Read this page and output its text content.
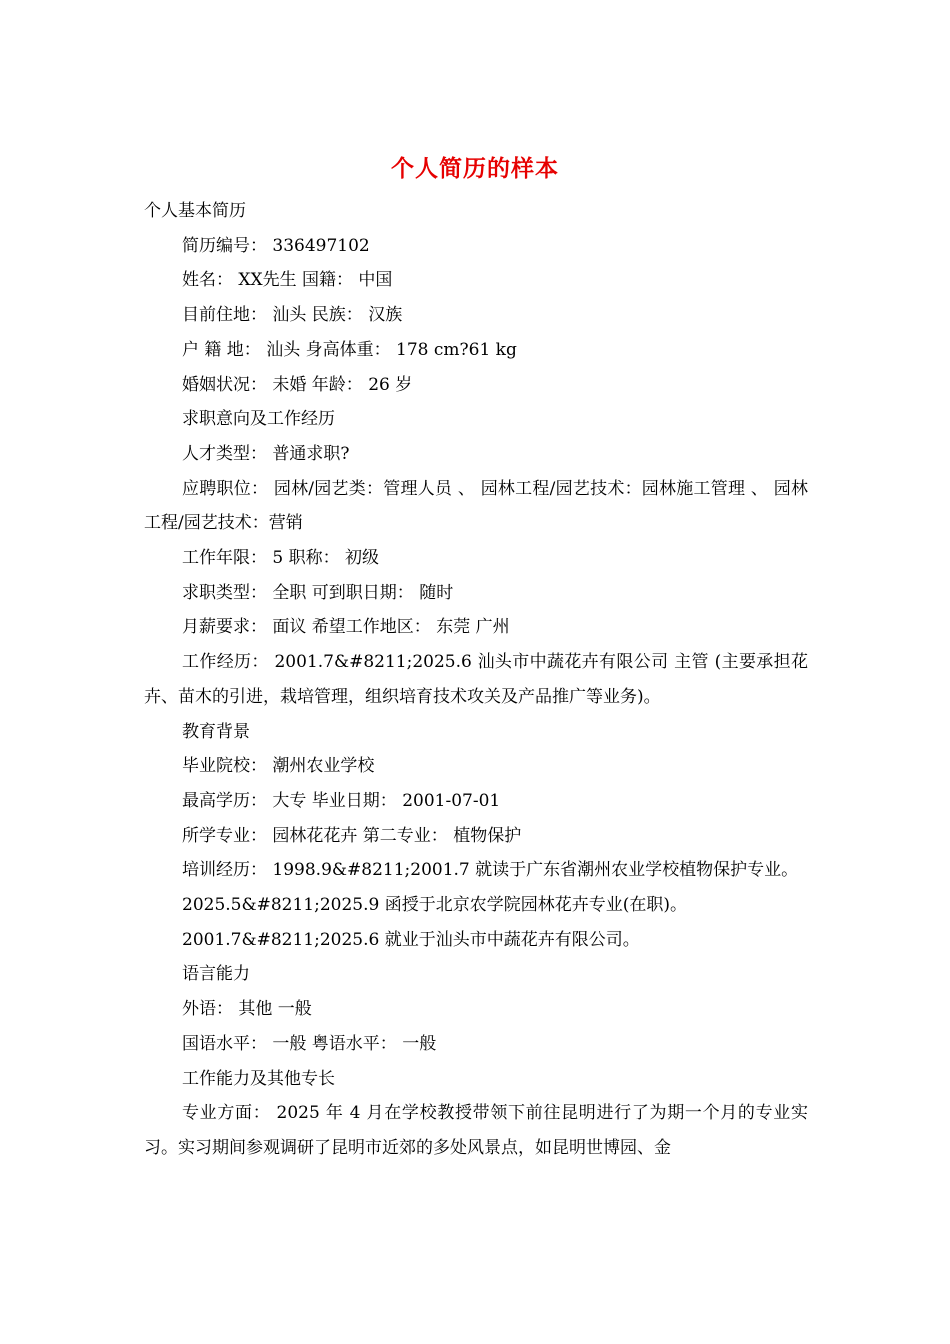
个人简历的样本
个人基本简历
简历编号： 336497102
姓名： XX先生 国籍： 中国
目前住地： 汕头 民族： 汉族
户 籍 地： 汕头 身高体重： 178 cm?61 kg
婚姻状况： 未婚 年龄： 26 岁
求职意向及工作经历
人才类型： 普通求职?
应聘职位： 园林/园艺类：管理人员 、 园林工程/园艺技术：园林施工管理 、 园林工程/园艺技术：营销
工作年限： 5 职称： 初级
求职类型： 全职 可到职日期： 随时
月薪要求： 面议 希望工作地区： 东莞 广州
工作经历： 2001.7&#8211;2025.6 汕头市中蔬花卉有限公司 主管 (主要承担花卉、苗木的引进，栽培管理，组织培育技术攻关及产品推广等业务)。
教育背景
毕业院校： 潮州农业学校
最高学历： 大专 毕业日期： 2001-07-01
所学专业： 园林花花卉 第二专业： 植物保护
培训经历： 1998.9&#8211;2001.7 就读于广东省潮州农业学校植物保护专业。
2025.5&#8211;2025.9 函授于北京农学院园林花卉专业(在职)。
2001.7&#8211;2025.6 就业于汕头市中蔬花卉有限公司。
语言能力
外语： 其他 一般
国语水平： 一般 粤语水平： 一般
工作能力及其他专长
专业方面： 2025 年 4 月在学校教授带领下前往昆明进行了为期一个月的专业实习。实习期间参观调研了昆明市近郊的多处风景点，如昆明世博园、金
